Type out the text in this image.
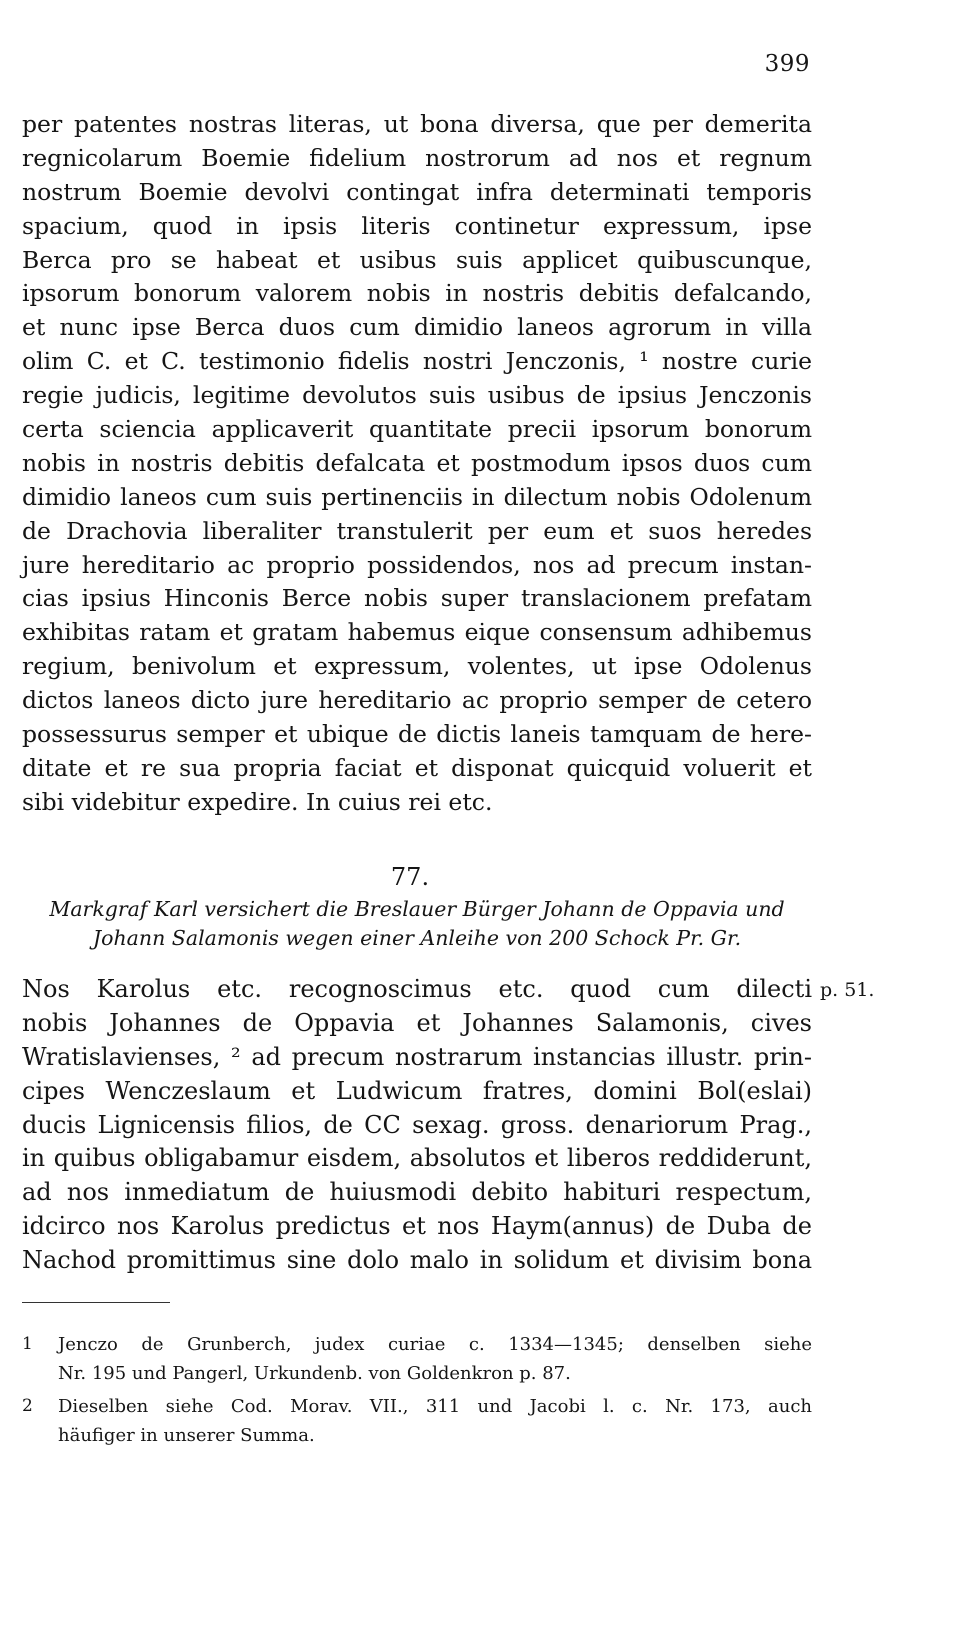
399
per patentes nostras literas, ut bona diversa, que per demerita
regnicolarum Boemie fidelium nostrorum ad nos et regnum
nostrum Boemie devolvi contingat infra determinati temporis
spacium, quod in ipsis literis continetur expressum, ipse
Berca pro se habeat et usibus suis applicet quibuscunque,
ipsorum bonorum valorem nobis in nostris debitis defalcando,
et nunc ipse Berca duos cum dimidio laneos agrorum in villa
olim C. et C. testimonio fidelis nostri Jenczonis, ¹ nostre curie
regie judicis, legitime devolutos suis usibus de ipsius Jenczonis
certa sciencia applicaverit quantitate precii ipsorum bonorum
nobis in nostris debitis defalcata et postmodum ipsos duos cum
dimidio laneos cum suis pertinenciis in dilectum nobis Odolenum
de Drachovia liberaliter transtulerit per eum et suos heredes
jure hereditario ac proprio possidendos, nos ad precum instan-
cias ipsius Hinconis Berce nobis super translacionem prefatam
exhibitas ratam et gratam habemus eique consensum adhibemus
regium, benivolum et expressum, volentes, ut ipse Odolenus
dictos laneos dicto jure hereditario ac proprio semper de cetero
possessurus semper et ubique de dictis laneis tamquam de here-
ditate et re sua propria faciat et disponat quicquid voluerit et
sibi videbitur expedire. In cuius rei etc.
77.
Markgraf Karl versichert die Breslauer Bürger Johann de Oppavia und
Johann Salamonis wegen einer Anleihe von 200 Schock Pr. Gr.
Nos Karolus etc. recognoscimus etc. quod cum dilecti
nobis Johannes de Oppavia et Johannes Salamonis, cives
Wratislavienses, ² ad precum nostrarum instancias illustr. prin-
cipes Wenczeslaum et Ludwicum fratres, domini Bol(eslai)
ducis Lignicensis filios, de CC sexag. gross. denariorum Prag.,
in quibus obligabamur eisdem, absolutos et liberos reddiderunt,
ad nos inmediatum de huiusmodi debito habituri respectum,
idcirco nos Karolus predictus et nos Haym(annus) de Duba de
Nachod promittimus sine dolo malo in solidum et divisim bona
p. 51.
1	Jenczo de Grunberch, judex curiae c. 1334—1345; denselben siehe
Nr. 195 und Pangerl, Urkundenb. von Goldenkron p. 87.
2	Dieselben siehe Cod. Morav. VII., 311 und Jacobi l. c. Nr. 173, auch
häufiger in unserer Summa.
